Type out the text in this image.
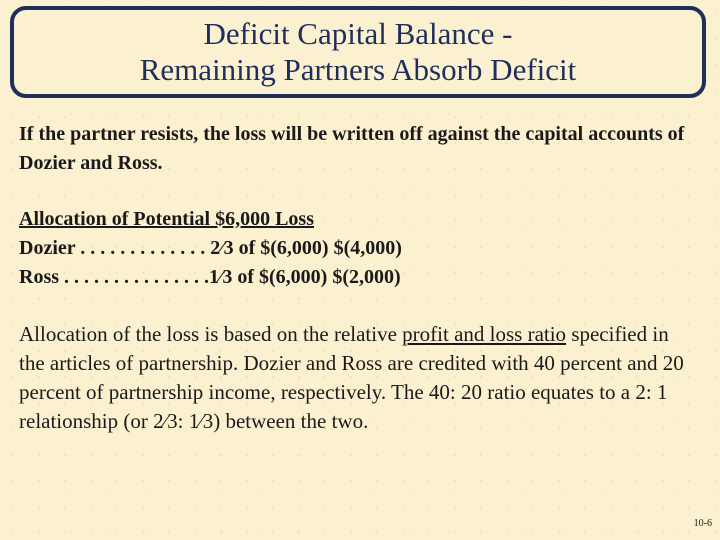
Deficit Capital Balance -
Remaining Partners Absorb Deficit
If the partner resists, the loss will be written off against the capital accounts of Dozier and Ross.
Allocation of Potential $6,000 Loss
Dozier . . . . . . . . . . . . . 2⁄3 of $(6,000) $(4,000)
Ross . . . . . . . . . . . . . . .1⁄3 of $(6,000) $(2,000)
Allocation of the loss is based on the relative profit and loss ratio specified in the articles of partnership. Dozier and Ross are credited with 40 percent and 20 percent of partnership income, respectively. The 40: 20 ratio equates to a 2: 1 relationship (or 2⁄3: 1⁄3) between the two.
10-6
